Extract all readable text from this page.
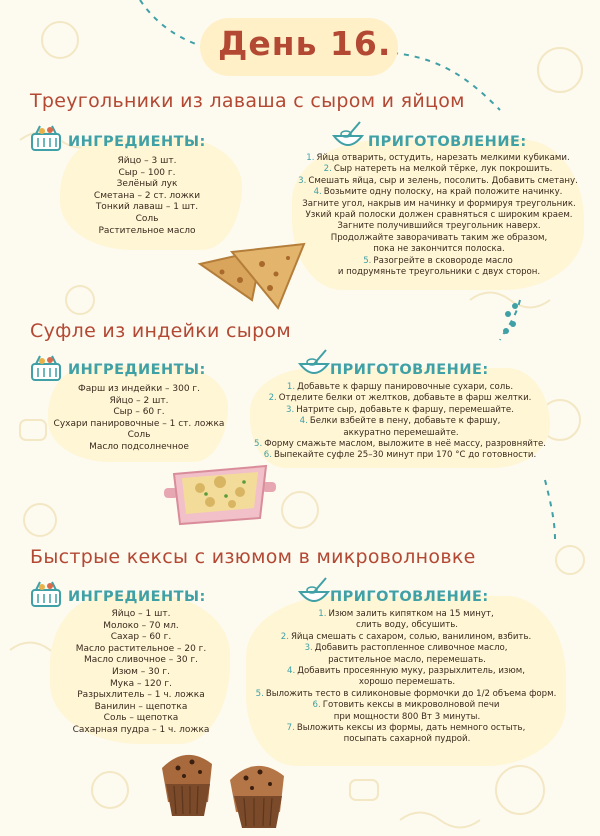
День 16.
Треугольники из лаваша с сыром и яйцом
ИНГРЕДИЕНТЫ:
Яйцо – 3 шт.
Сыр – 100 г.
Зелёный лук
Сметана – 2 ст. ложки
Тонкий лаваш – 1 шт.
Соль
Растительное масло
ПРИГОТОВЛЕНИЕ:
1. Яйца отварить, остудить, нарезать мелкими кубиками.
2. Сыр натереть на мелкой тёрке, лук покрошить.
3. Смешать яйца, сыр и зелень, посолить. Добавить сметану.
4. Возьмите одну полоску, на край положите начинку.
Загните угол, накрыв им начинку и формируя треугольник.
Узкий край полоски должен сравняться с широким краем.
Загните получившийся треугольник наверх.
Продолжайте заворачивать таким же образом,
пока не закончится полоска.
5. Разогрейте в сковороде масло
и подрумяньте треугольники с двух сторон.
Суфле из индейки сыром
ИНГРЕДИЕНТЫ:
Фарш из индейки – 300 г.
Яйцо – 2 шт.
Сыр – 60 г.
Сухари панировочные – 1 ст. ложка
Соль
Масло подсолнечное
ПРИГОТОВЛЕНИЕ:
1. Добавьте к фаршу панировочные сухари, соль.
2. Отделите белки от желтков, добавьте в фарш желтки.
3. Натрите сыр, добавьте к фаршу, перемешайте.
4. Белки взбейте в пену, добавьте к фаршу,
аккуратно перемешайте.
5. Форму смажьте маслом, выложите в неё массу, разровняйте.
6. Выпекайте суфле 25–30 минут при 170 °С до готовности.
Быстрые кексы с изюмом в микроволновке
ИНГРЕДИЕНТЫ:
Яйцо – 1 шт.
Молоко – 70 мл.
Сахар – 60 г.
Масло растительное – 20 г.
Масло сливочное – 30 г.
Изюм – 30 г.
Мука – 120 г.
Разрыхлитель – 1 ч. ложка
Ванилин – щепотка
Соль – щепотка
Сахарная пудра – 1 ч. ложка
ПРИГОТОВЛЕНИЕ:
1. Изюм залить кипятком на 15 минут,
слить воду, обсушить.
2. Яйца смешать с сахаром, солью, ванилином, взбить.
3. Добавить растопленное сливочное масло,
растительное масло, перемешать.
4. Добавить просеянную муку, разрыхлитель, изюм,
хорошо перемешать.
5. Выложить тесто в силиконовые формочки до 1/2 объема форм.
6. Готовить кексы в микроволновой печи
при мощности 800 Вт 3 минуты.
7. Выложить кексы из формы, дать немного остыть,
посыпать сахарной пудрой.
